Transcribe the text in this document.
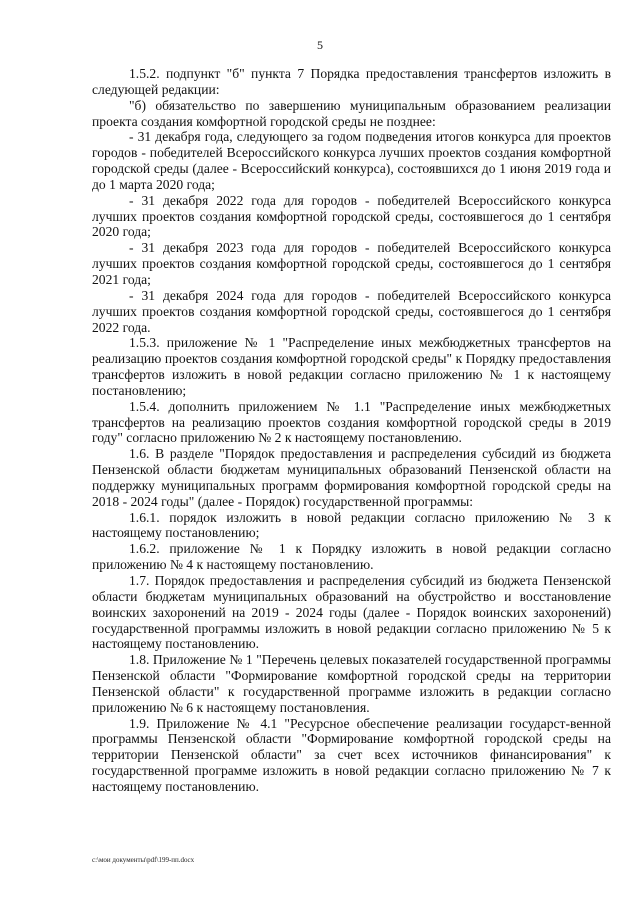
5

1.5.2. подпункт "б" пункта 7 Порядка предоставления трансфертов изложить в следующей редакции:

"б) обязательство по завершению муниципальным образованием реализации проекта создания комфортной городской среды не позднее:

- 31 декабря года, следующего за годом подведения итогов конкурса для проектов городов - победителей Всероссийского конкурса лучших проектов создания комфортной городской среды (далее - Всероссийский конкурса), состоявшихся до 1 июня 2019 года и до 1 марта 2020 года;

- 31 декабря 2022 года для городов - победителей Всероссийского конкурса лучших проектов создания комфортной городской среды, состоявшегося до 1 сентября 2020 года;

- 31 декабря 2023 года для городов - победителей Всероссийского конкурса лучших проектов создания комфортной городской среды, состоявшегося до 1 сентября 2021 года;

- 31 декабря 2024 года для городов - победителей Всероссийского конкурса лучших проектов создания комфортной городской среды, состоявшегося до 1 сентября 2022 года.

1.5.3. приложение № 1 "Распределение иных межбюджетных трансфертов на реализацию проектов создания комфортной городской среды" к Порядку предоставления трансфертов изложить в новой редакции согласно приложению № 1 к настоящему постановлению;

1.5.4. дополнить приложением № 1.1 "Распределение иных межбюджетных трансфертов на реализацию проектов создания комфортной городской среды в 2019 году" согласно приложению № 2 к настоящему постановлению.

1.6. В разделе "Порядок предоставления и распределения субсидий из бюджета Пензенской области бюджетам муниципальных образований Пензенской области на поддержку муниципальных программ формирования комфортной городской среды на 2018 - 2024 годы" (далее - Порядок) государственной программы:

1.6.1. порядок изложить в новой редакции согласно приложению № 3 к настоящему постановлению;

1.6.2. приложение № 1 к Порядку изложить в новой редакции согласно приложению № 4 к настоящему постановлению.

1.7. Порядок предоставления и распределения субсидий из бюджета Пензенской области бюджетам муниципальных образований на обустройство и восстановление воинских захоронений на 2019 - 2024 годы (далее - Порядок воинских захоронений) государственной программы изложить в новой редакции согласно приложению № 5 к настоящему постановлению.

1.8. Приложение № 1 "Перечень целевых показателей государственной программы Пензенской области "Формирование комфортной городской среды на территории Пензенской области" к государственной программе изложить в редакции согласно приложению № 6 к настоящему постановления.

1.9. Приложение № 4.1 "Ресурсное обеспечение реализации государст-венной программы Пензенской области "Формирование комфортной городской среды на территории Пензенской области" за счет всех источников финансирования" к государственной программе изложить в новой редакции согласно приложению № 7 к настоящему постановлению.

c:\мои документы\pdf\199-пп.docx
